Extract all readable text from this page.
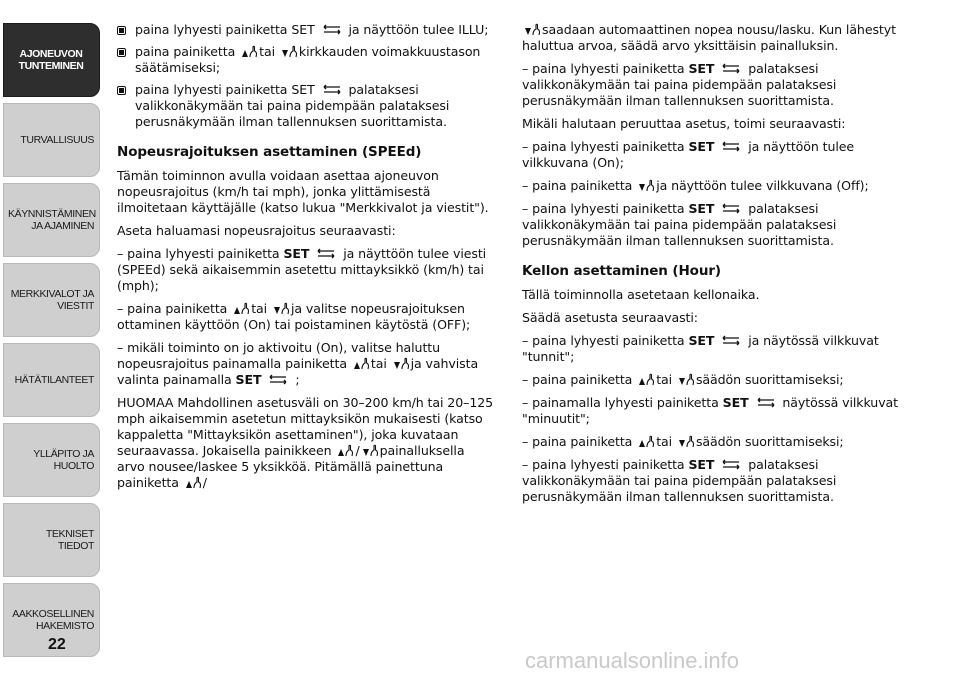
AJONEUVON TUNTEMINEN
TURVALLISUUS
KÄYNNISTÄMINEN JA AJAMINEN
MERKKIVALOT JA VIESTIT
HÄTÄTILANTEET
YLLÄPITO JA HUOLTO
TEKNISET TIEDOT
AAKKOSELLINEN HAKEMISTO
22
paina lyhyesti painiketta SET	ja näyttöön tulee ILLU;
paina painiketta tai kirkkauden voimakkuustason säätämiseksi;
paina lyhyesti painiketta SET	palataksesi valikkonäkymään tai paina pidempään palataksesi perusnäkymään ilman tallennuksen suorittamista.
Nopeusrajoituksen asettaminen (SPEEd)

Tämän toiminnon avulla voidaan asettaa ajoneuvon nopeusrajoitus (km/h tai mph), jonka ylittämisestä ilmoitetaan käyttäjälle (katso lukua "Merkkivalot ja viestit").

Aseta haluamasi nopeusrajoitus seuraavasti:

– paina lyhyesti painiketta SET	ja näyttöön tulee viesti (SPEEd) sekä aikaisemmin asetettu mittayksikkö (km/h) tai (mph);

– paina painiketta tai ja valitse nopeusrajoituksen ottaminen käyttöön (On) tai poistaminen käytöstä (OFF);

– mikäli toiminto on jo aktivoitu (On), valitse haluttu nopeusrajoitus painamalla painiketta tai ja vahvista valinta painamalla SET	;

HUOMAA Mahdollinen asetusväli on 30–200 km/h tai 20–125 mph aikaisemmin asetetun mittayksikön mukaisesti (katso kappaletta "Mittayksikön asettaminen"), joka kuvataan seuraavassa. Jokaisella painikkeen / painalluksella arvo nousee/laskee 5 yksikköä. Pitämällä painettuna painiketta /

saadaan automaattinen nopea nousu/lasku. Kun lähestyt haluttua arvoa, säädä arvo yksittäisin painalluksin.

– paina lyhyesti painiketta SET	palataksesi valikkonäkymään tai paina pidempään palataksesi perusnäkymään ilman tallennuksen suorittamista.

Mikäli halutaan peruuttaa asetus, toimi seuraavasti:

– paina lyhyesti painiketta SET	ja näyttöön tulee vilkkuvana (On);

– paina painiketta ja näyttöön tulee vilkkuvana (Off);

– paina lyhyesti painiketta SET	palataksesi valikkonäkymään tai paina pidempään palataksesi perusnäkymään ilman tallennuksen suorittamista.

Kellon asettaminen (Hour)

Tällä toiminnolla asetetaan kellonaika.

Säädä asetusta seuraavasti:

– paina lyhyesti painiketta SET	ja näytössä vilkkuvat "tunnit";

– paina painiketta tai säädön suorittamiseksi;

– painamalla lyhyesti painiketta SET	näytössä vilkkuvat "minuutit";

– paina painiketta tai säädön suorittamiseksi;

– paina lyhyesti painiketta SET	palataksesi valikkonäkymään tai paina pidempään palataksesi perusnäkymään ilman tallennuksen suorittamista.

carmanualsonline.info
